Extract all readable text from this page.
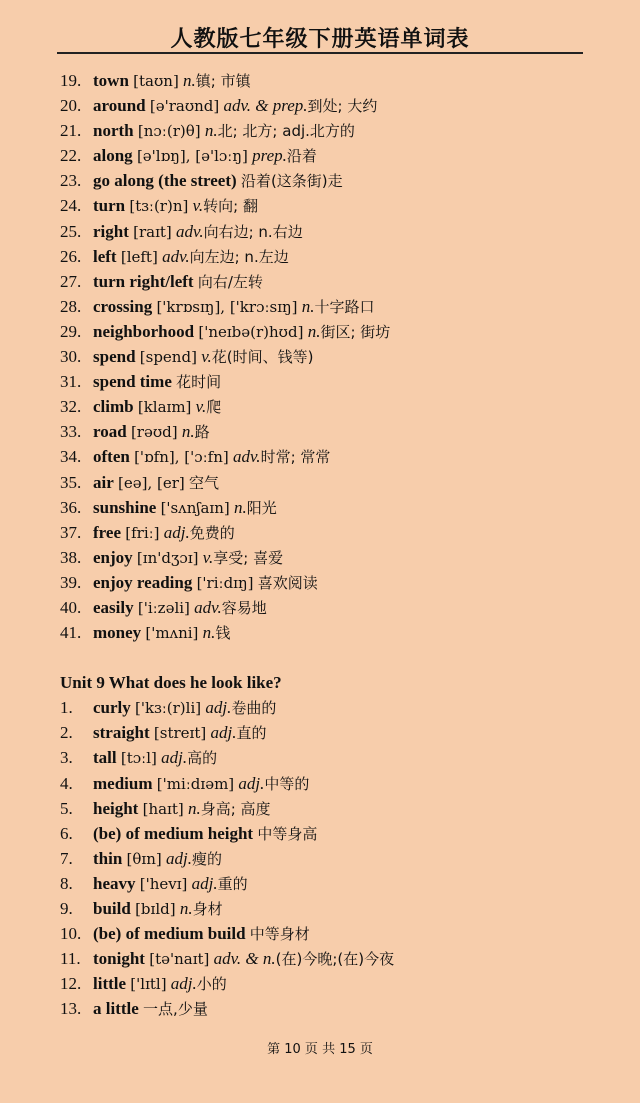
人教版七年级下册英语单词表
19. town [taʊn] n.镇; 市镇
20. around [ə'raʊnd] adv. & prep.到处; 大约
21. north [nɔː(r)θ] n.北; 北方; adj.北方的
22. along [ə'lɒŋ], [ə'lɔːŋ] prep.沿着
23. go along (the street) 沿着(这条街)走
24. turn [tɜː(r)n] v.转向; 翻
25. right [raɪt] adv.向右边; n.右边
26. left [left] adv.向左边; n.左边
27. turn right/left 向右/左转
28. crossing ['krɒsɪŋ], ['krɔːsɪŋ] n.十字路口
29. neighborhood ['neɪbə(r)hʊd] n.街区; 街坊
30. spend [spend] v.花(时间、钱等)
31. spend time 花时间
32. climb [klaɪm] v.爬
33. road [rəʊd] n.路
34. often ['ɒfn], ['ɔːfn] adv.时常; 常常
35. air [eə], [er] 空气
36. sunshine ['sʌnʃaɪn] n.阳光
37. free [friː] adj.免费的
38. enjoy [ɪn'dʒɔɪ] v.享受; 喜爱
39. enjoy reading ['riːdɪŋ] 喜欢阅读
40. easily ['iːzəli] adv.容易地
41. money ['mʌni] n.钱
Unit 9 What does he look like?
1. curly ['kɜː(r)li] adj.卷曲的
2. straight [streɪt] adj.直的
3. tall [tɔːl] adj.高的
4. medium ['miːdɪəm] adj.中等的
5. height [haɪt] n.身高; 高度
6. (be) of medium height 中等身高
7. thin [θɪn] adj.瘦的
8. heavy ['hevɪ] adj.重的
9. build [bɪld] n.身材
10. (be) of medium build 中等身材
11. tonight [tə'naɪt] adv. & n.(在)今晚;(在)今夜
12. little ['lɪtl] adj.小的
13. a little 一点,少量
第 10 页 共 15 页
